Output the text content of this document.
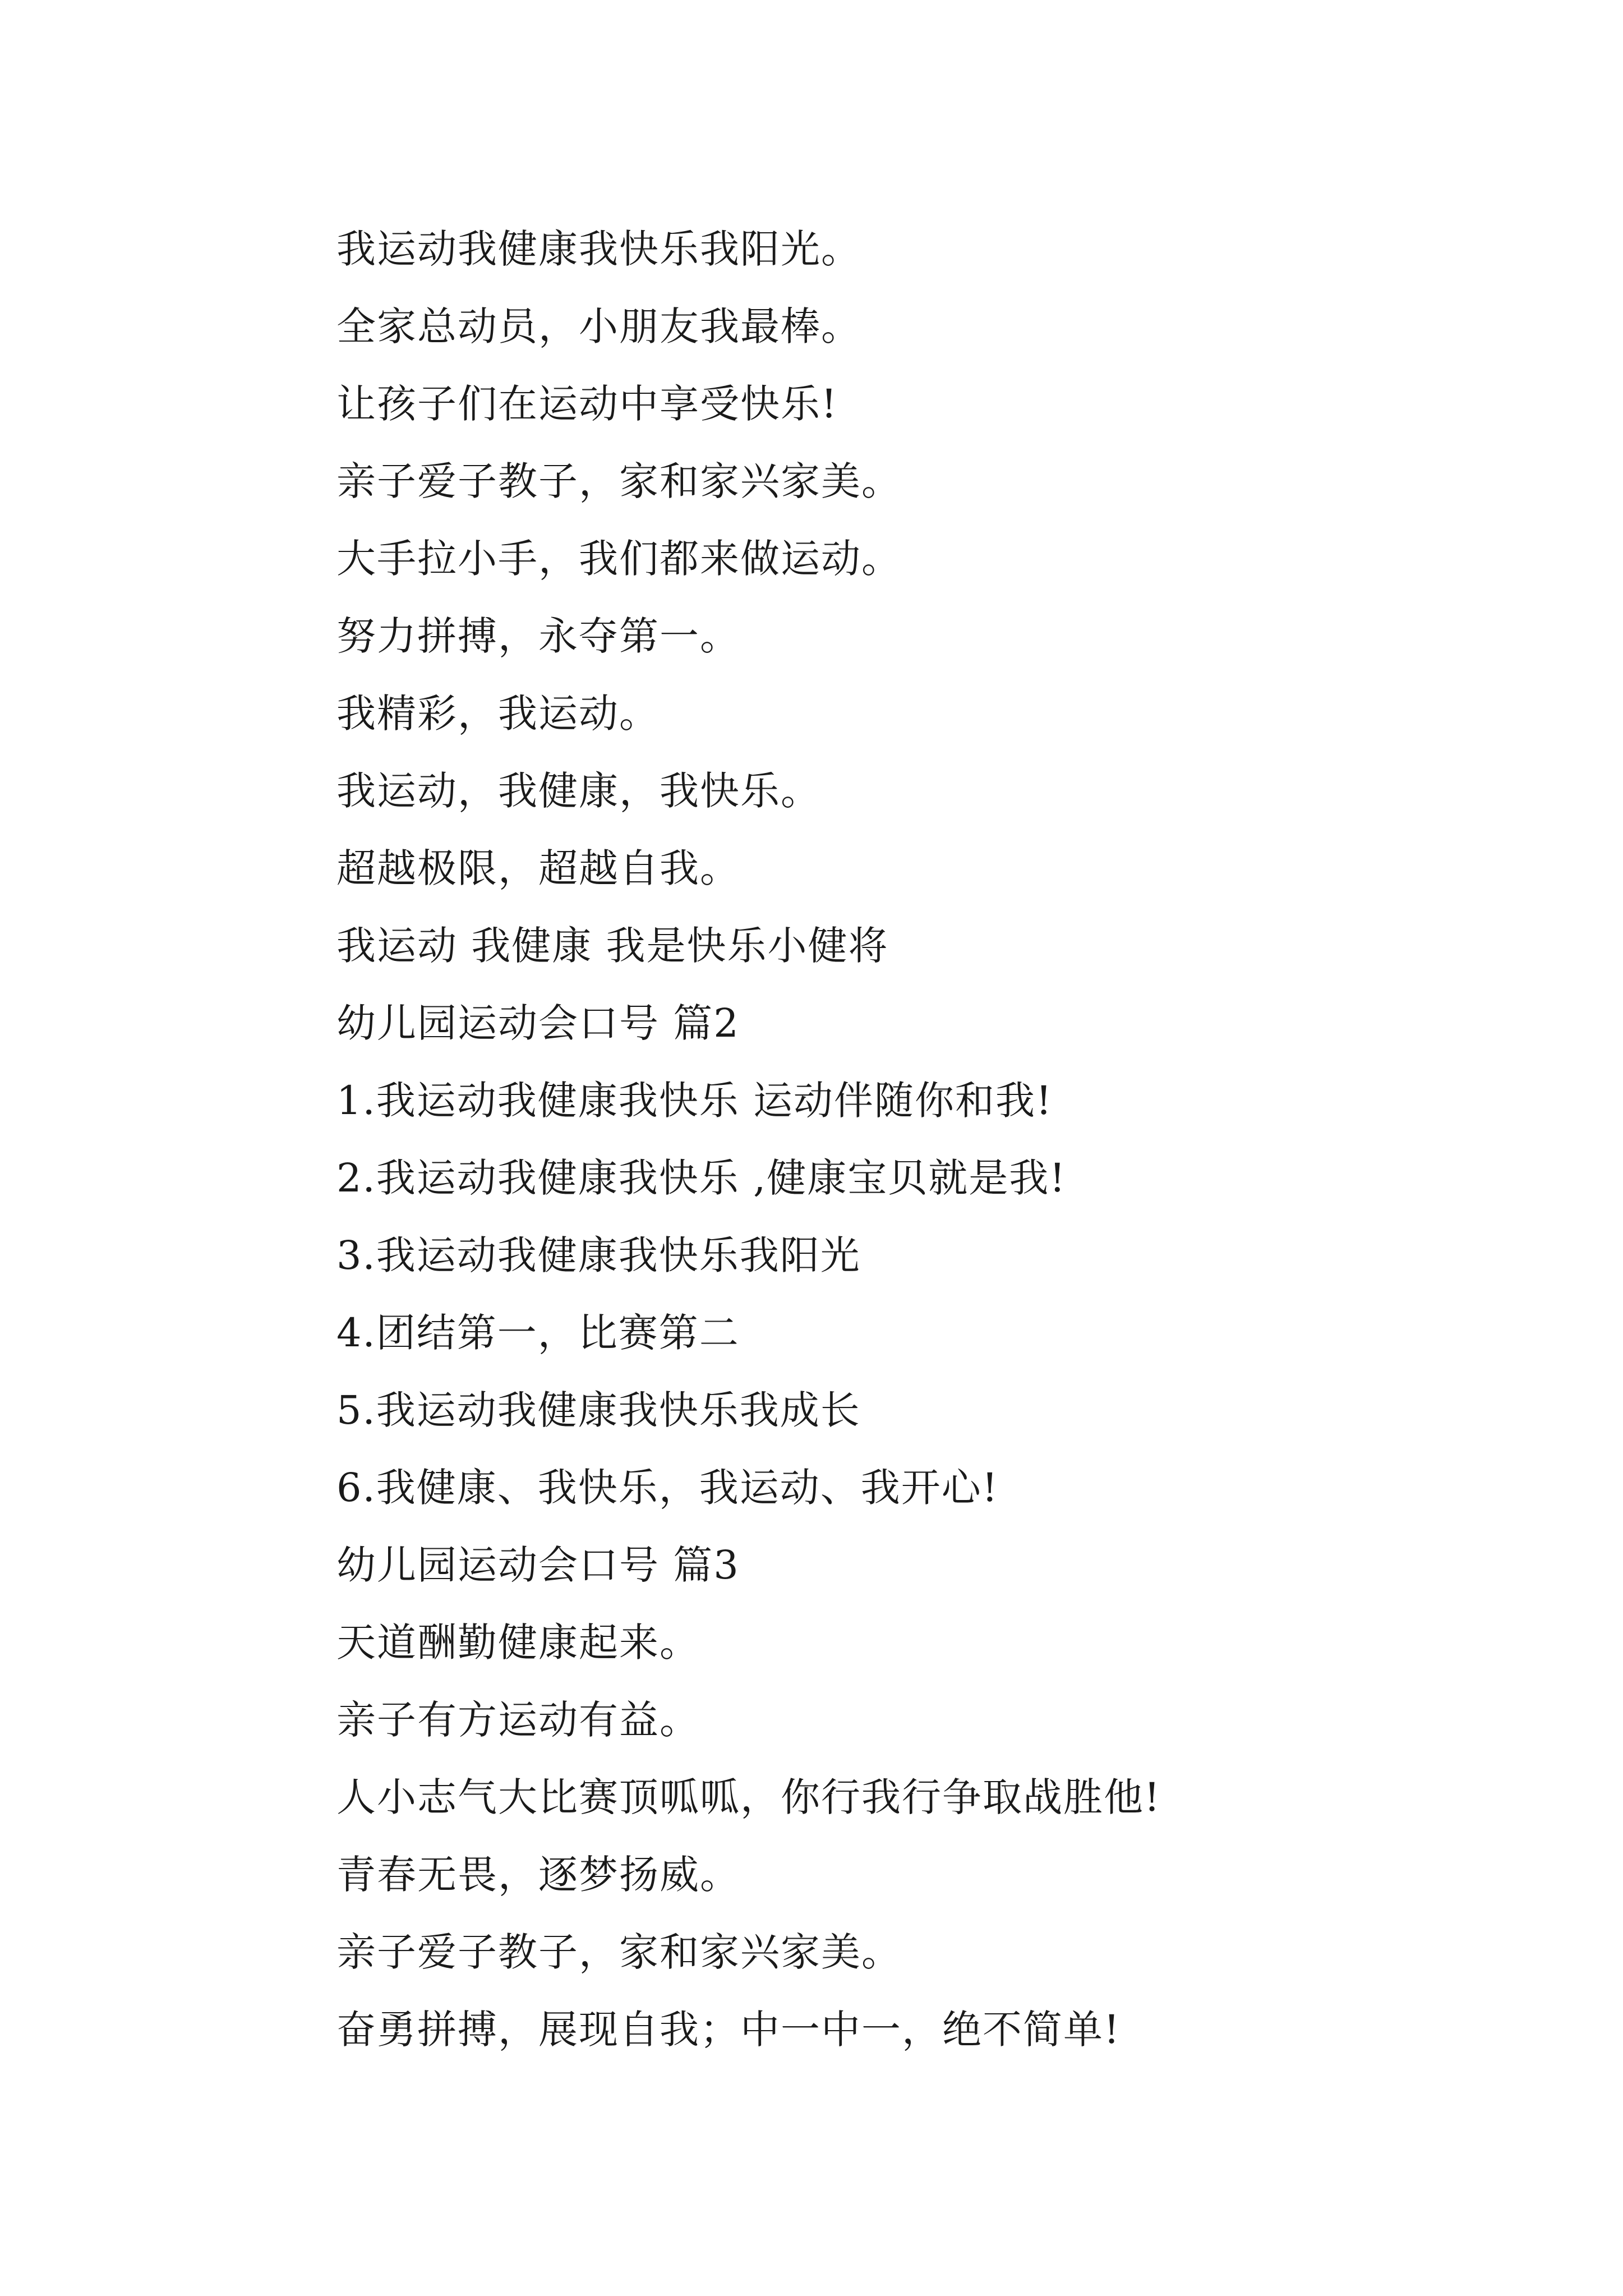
我运动我健康我快乐我阳光。
全家总动员，小朋友我最棒。
让孩子们在运动中享受快乐!
亲子爱子教子，家和家兴家美。
大手拉小手，我们都来做运动。
努力拼搏，永夺第一。
我精彩，我运动。
我运动，我健康，我快乐。
超越极限，超越自我。
我运动 我健康 我是快乐小健将
幼儿园运动会口号 篇2
1.我运动我健康我快乐 运动伴随你和我!
2.我运动我健康我快乐 ,健康宝贝就是我!
3.我运动我健康我快乐我阳光
4.团结第一，比赛第二
5.我运动我健康我快乐我成长
6.我健康、我快乐，我运动、我开心!
幼儿园运动会口号 篇3
天道酬勤健康起来。
亲子有方运动有益。
人小志气大比赛顶呱呱，你行我行争取战胜他!
青春无畏，逐梦扬威。
亲子爱子教子，家和家兴家美。
奋勇拼搏，展现自我；中一中一，绝不简单!
